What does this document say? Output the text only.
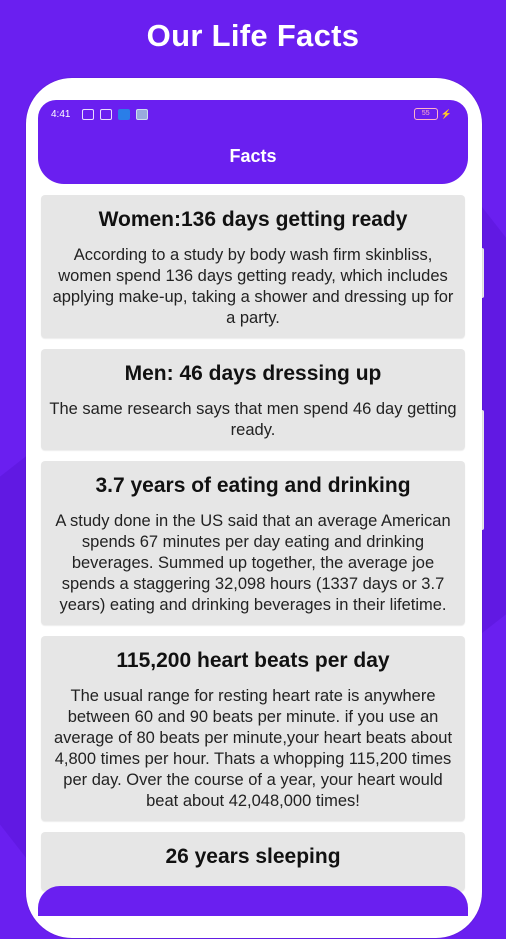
Our Life Facts
4:41	55	⚡
Facts
Women:136 days getting ready
According to a study by body wash firm skinbliss, women spend 136 days getting ready, which includes applying make-up, taking a shower and dressing up for a party.
Men: 46 days dressing up
The same research says that men spend 46 day getting ready.
3.7 years of eating and drinking
A study done in the US said that an average American spends 67 minutes per day eating and drinking beverages. Summed up together, the average joe spends a staggering 32,098 hours (1337 days or 3.7 years) eating and drinking beverages in their lifetime.
115,200 heart beats per day
The usual range for resting heart rate is anywhere between 60 and 90 beats per minute. if you use an average of 80 beats per minute,your heart beats about 4,800 times per hour. Thats a whopping 115,200 times per day. Over the course of a year, your heart would beat about 42,048,000 times!
26 years sleeping
